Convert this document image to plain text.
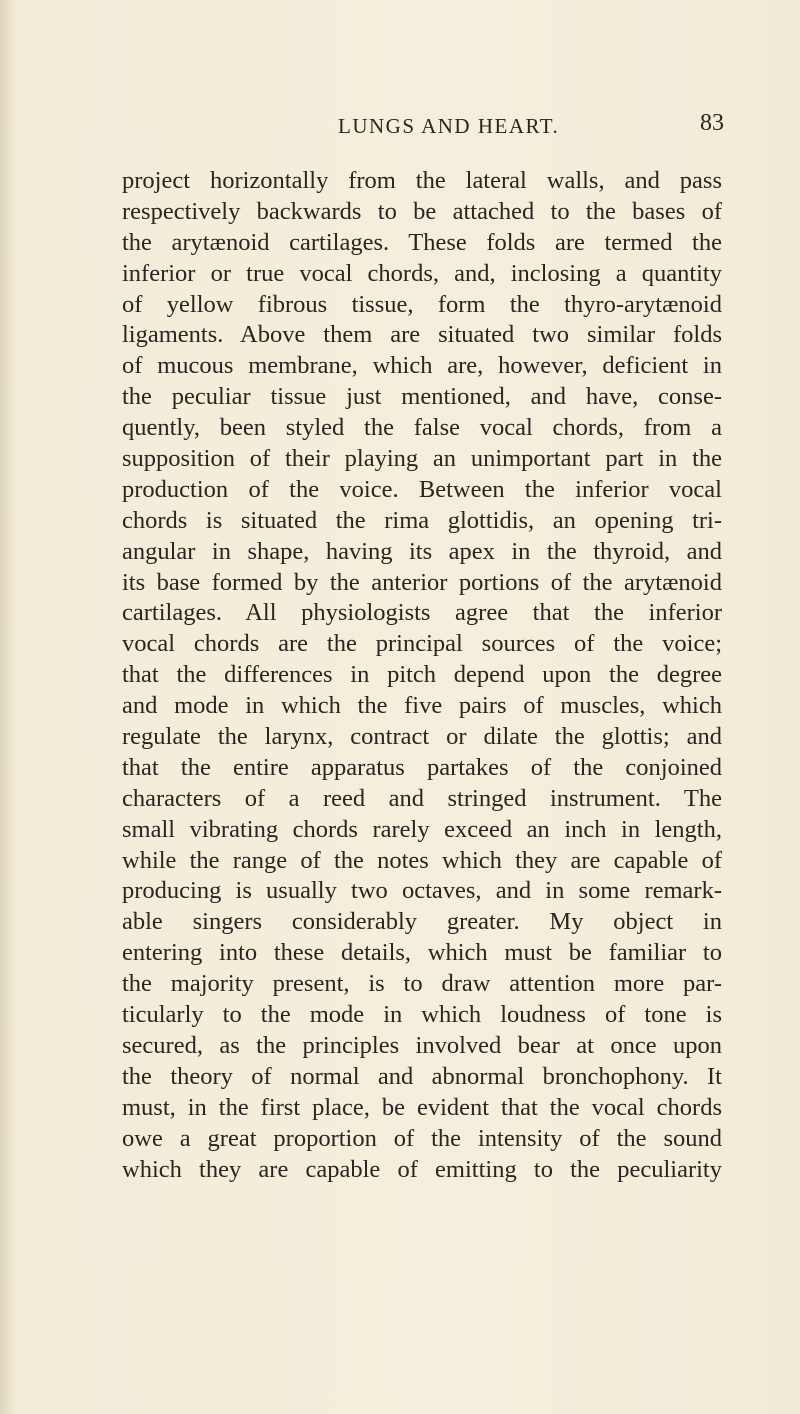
LUNGS AND HEART.	83
project horizontally from the lateral walls, and pass
respectively backwards to be attached to the bases of
the arytænoid cartilages. These folds are termed the
inferior or true vocal chords, and, inclosing a quantity
of yellow fibrous tissue, form the thyro-arytænoid
ligaments. Above them are situated two similar folds
of mucous membrane, which are, however, deficient in
the peculiar tissue just mentioned, and have, conse-
quently, been styled the false vocal chords, from a
supposition of their playing an unimportant part in the
production of the voice. Between the inferior vocal
chords is situated the rima glottidis, an opening tri-
angular in shape, having its apex in the thyroid, and
its base formed by the anterior portions of the arytænoid
cartilages. All physiologists agree that the inferior
vocal chords are the principal sources of the voice;
that the differences in pitch depend upon the degree
and mode in which the five pairs of muscles, which
regulate the larynx, contract or dilate the glottis; and
that the entire apparatus partakes of the conjoined
characters of a reed and stringed instrument. The
small vibrating chords rarely exceed an inch in length,
while the range of the notes which they are capable of
producing is usually two octaves, and in some remark-
able singers considerably greater. My object in
entering into these details, which must be familiar to
the majority present, is to draw attention more par-
ticularly to the mode in which loudness of tone is
secured, as the principles involved bear at once upon
the theory of normal and abnormal bronchophony. It
must, in the first place, be evident that the vocal chords
owe a great proportion of the intensity of the sound
which they are capable of emitting to the peculiarity
